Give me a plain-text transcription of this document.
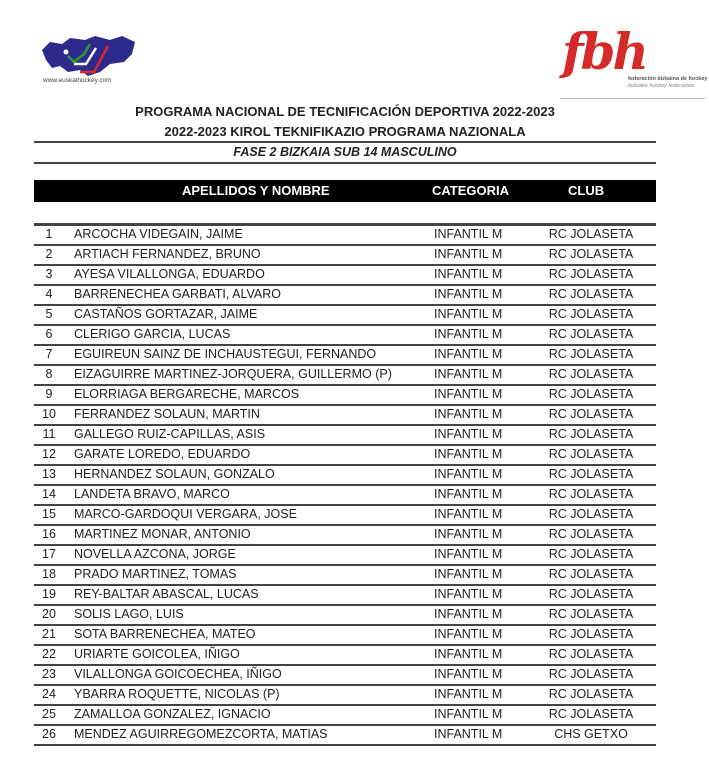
www.euskalhockey.com	fbh
federación bizkaina de hockey
bizkaiko hockey federazioa
PROGRAMA NACIONAL DE TECNIFICACIÓN DEPORTIVA 2022-2023
2022-2023 KIROL TEKNIFIKAZIO PROGRAMA NAZIONALA
FASE 2 BIZKAIA SUB 14 MASCULINO
APELLIDOS Y NOMBRE	CATEGORIA	CLUB
1	ARCOCHA VIDEGAIN, JAIME	INFANTIL M	RC JOLASETA
2	ARTIACH FERNANDEZ, BRUNO	INFANTIL M	RC JOLASETA
3	AYESA VILALLONGA, EDUARDO	INFANTIL M	RC JOLASETA
4	BARRENECHEA GARBATI, ALVARO	INFANTIL M	RC JOLASETA
5	CASTAÑOS GORTAZAR, JAIME	INFANTIL M	RC JOLASETA
6	CLERIGO GARCIA, LUCAS	INFANTIL M	RC JOLASETA
7	EGUIREUN SAINZ DE INCHAUSTEGUI, FERNANDO	INFANTIL M	RC JOLASETA
8	EIZAGUIRRE MARTINEZ-JORQUERA, GUILLERMO (P)	INFANTIL M	RC JOLASETA
9	ELORRIAGA BERGARECHE, MARCOS	INFANTIL M	RC JOLASETA
10	FERRANDEZ SOLAUN, MARTIN	INFANTIL M	RC JOLASETA
11	GALLEGO RUIZ-CAPILLAS, ASIS	INFANTIL M	RC JOLASETA
12	GARATE LOREDO, EDUARDO	INFANTIL M	RC JOLASETA
13	HERNANDEZ SOLAUN, GONZALO	INFANTIL M	RC JOLASETA
14	LANDETA BRAVO, MARCO	INFANTIL M	RC JOLASETA
15	MARCO-GARDOQUI VERGARA, JOSE	INFANTIL M	RC JOLASETA
16	MARTINEZ MONAR, ANTONIO	INFANTIL M	RC JOLASETA
17	NOVELLA AZCONA, JORGE	INFANTIL M	RC JOLASETA
18	PRADO MARTINEZ, TOMAS	INFANTIL M	RC JOLASETA
19	REY-BALTAR ABASCAL, LUCAS	INFANTIL M	RC JOLASETA
20	SOLIS LAGO, LUIS	INFANTIL M	RC JOLASETA
21	SOTA BARRENECHEA, MATEO	INFANTIL M	RC JOLASETA
22	URIARTE GOICOLEA, IÑIGO	INFANTIL M	RC JOLASETA
23	VILALLONGA GOICOECHEA, IÑIGO	INFANTIL M	RC JOLASETA
24	YBARRA ROQUETTE, NICOLAS (P)	INFANTIL M	RC JOLASETA
25	ZAMALLOA GONZALEZ, IGNACIO	INFANTIL M	RC JOLASETA
26	MENDEZ AGUIRREGOMEZCORTA, MATIAS	INFANTIL M	CHS GETXO
